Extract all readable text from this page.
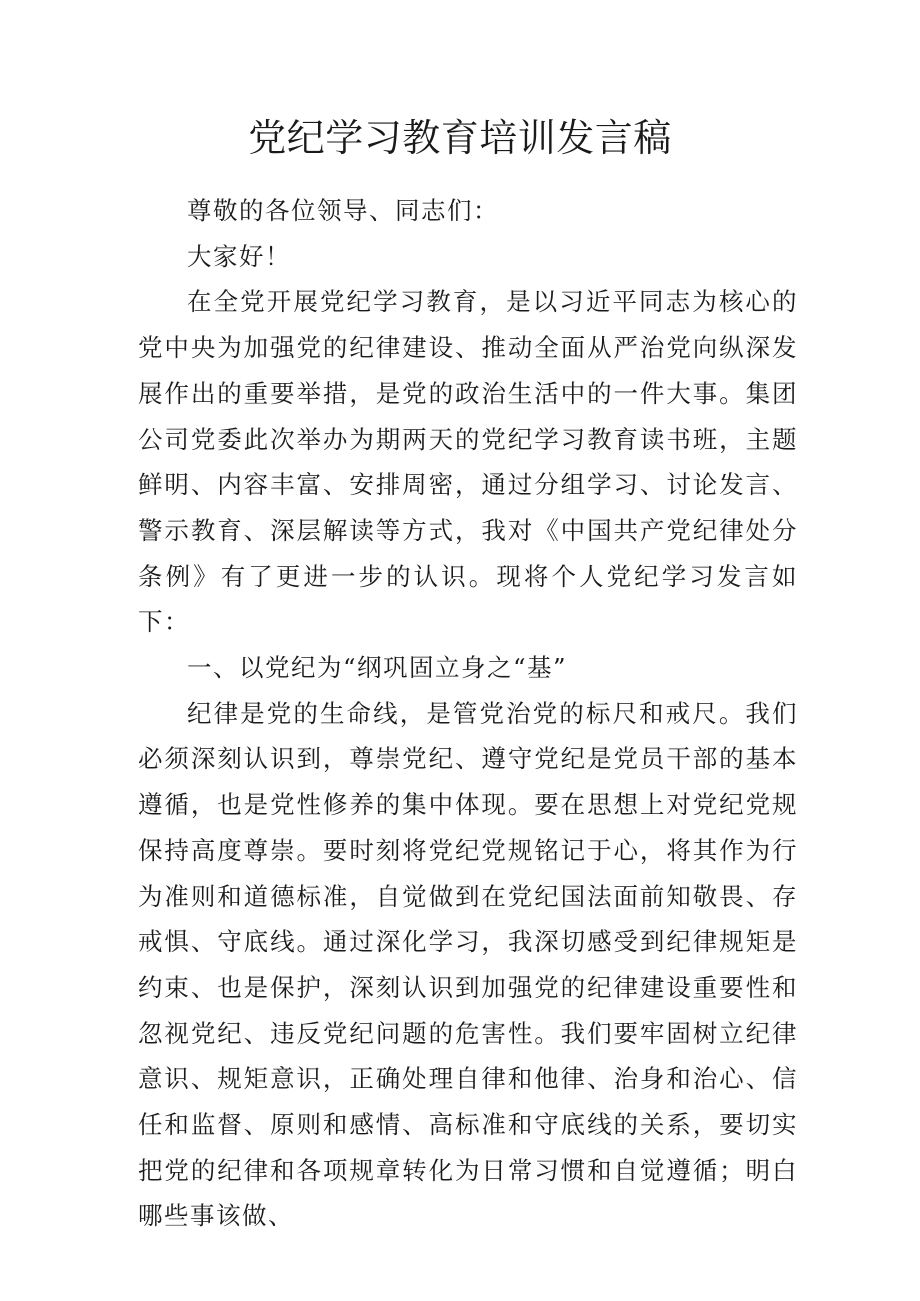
党纪学习教育培训发言稿

尊敬的各位领导、同志们：

大家好！

在全党开展党纪学习教育，是以习近平同志为核心的党中央为加强党的纪律建设、推动全面从严治党向纵深发展作出的重要举措，是党的政治生活中的一件大事。集团公司党委此次举办为期两天的党纪学习教育读书班，主题鲜明、内容丰富、安排周密，通过分组学习、讨论发言、警示教育、深层解读等方式，我对《中国共产党纪律处分条例》有了更进一步的认识。现将个人党纪学习发言如下：

一、以党纪为“纲巩固立身之“基”

纪律是党的生命线，是管党治党的标尺和戒尺。我们必须深刻认识到，尊崇党纪、遵守党纪是党员干部的基本遵循，也是党性修养的集中体现。要在思想上对党纪党规保持高度尊崇。要时刻将党纪党规铭记于心，将其作为行为准则和道德标准，自觉做到在党纪国法面前知敬畏、存戒惧、守底线。通过深化学习，我深切感受到纪律规矩是约束、也是保护，深刻认识到加强党的纪律建设重要性和忽视党纪、违反党纪问题的危害性。我们要牢固树立纪律意识、规矩意识，正确处理自律和他律、治身和治心、信任和监督、原则和感情、高标准和守底线的关系，要切实把党的纪律和各项规章转化为日常习惯和自觉遵循；明白哪些事该做、
